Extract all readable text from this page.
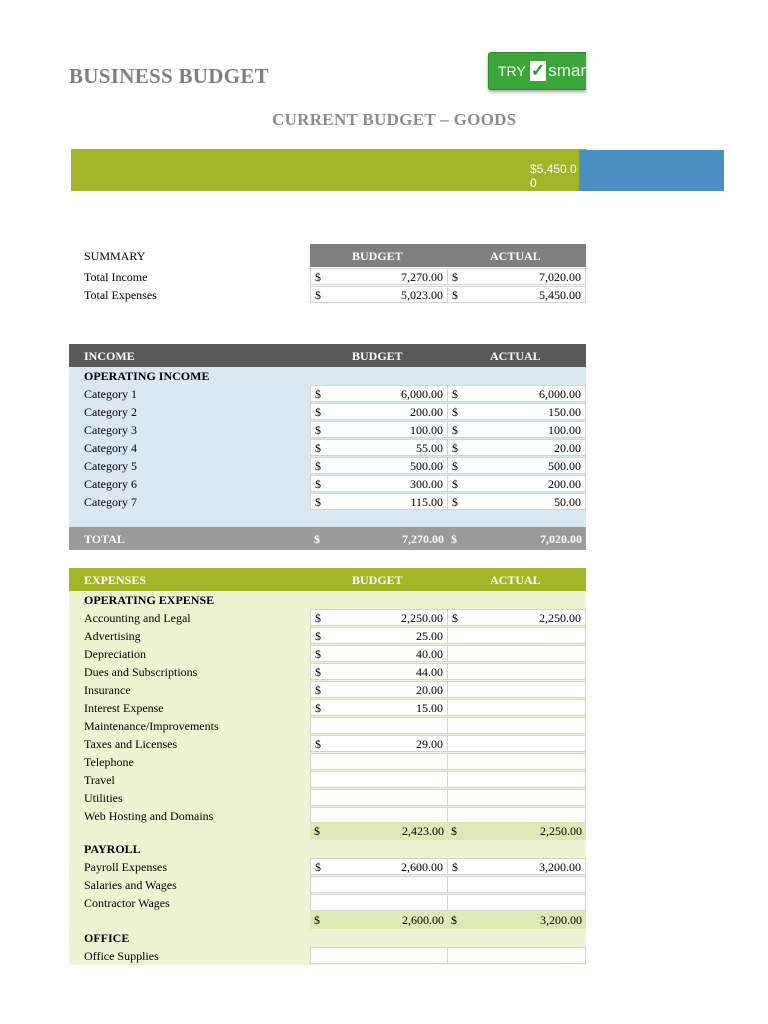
BUSINESS BUDGET
CURRENT BUDGET – GOODS
TRY ✓ smar
$5,450.00
SUMMARY	BUDGET	ACTUAL
Total Income	$	7,270.00 $	7,020.00
Total Expenses	$	5,023.00 $	5,450.00
INCOME	BUDGET	ACTUAL
OPERATING INCOME
Category 1	$	6,000.00 $	6,000.00
Category 2	$	200.00 $	150.00
Category 3	$	100.00 $	100.00
Category 4	$	55.00 $	20.00
Category 5	$	500.00 $	500.00
Category 6	$	300.00 $	200.00
Category 7	$	115.00 $	50.00
TOTAL	$	7,270.00 $	7,020.00
EXPENSES	BUDGET	ACTUAL
OPERATING EXPENSE
Accounting and Legal	$	2,250.00 $	2,250.00
Advertising	$	25.00
Depreciation	$	40.00
Dues and Subscriptions	$	44.00
Insurance	$	20.00
Interest Expense	$	15.00
Maintenance/Improvements
Taxes and Licenses	$	29.00
Telephone
Travel
Utilities
Web Hosting and Domains
$	2,423.00 $	2,250.00
PAYROLL
Payroll Expenses	$	2,600.00 $	3,200.00
Salaries and Wages
Contractor Wages
$	2,600.00 $	3,200.00
OFFICE
Office Supplies
